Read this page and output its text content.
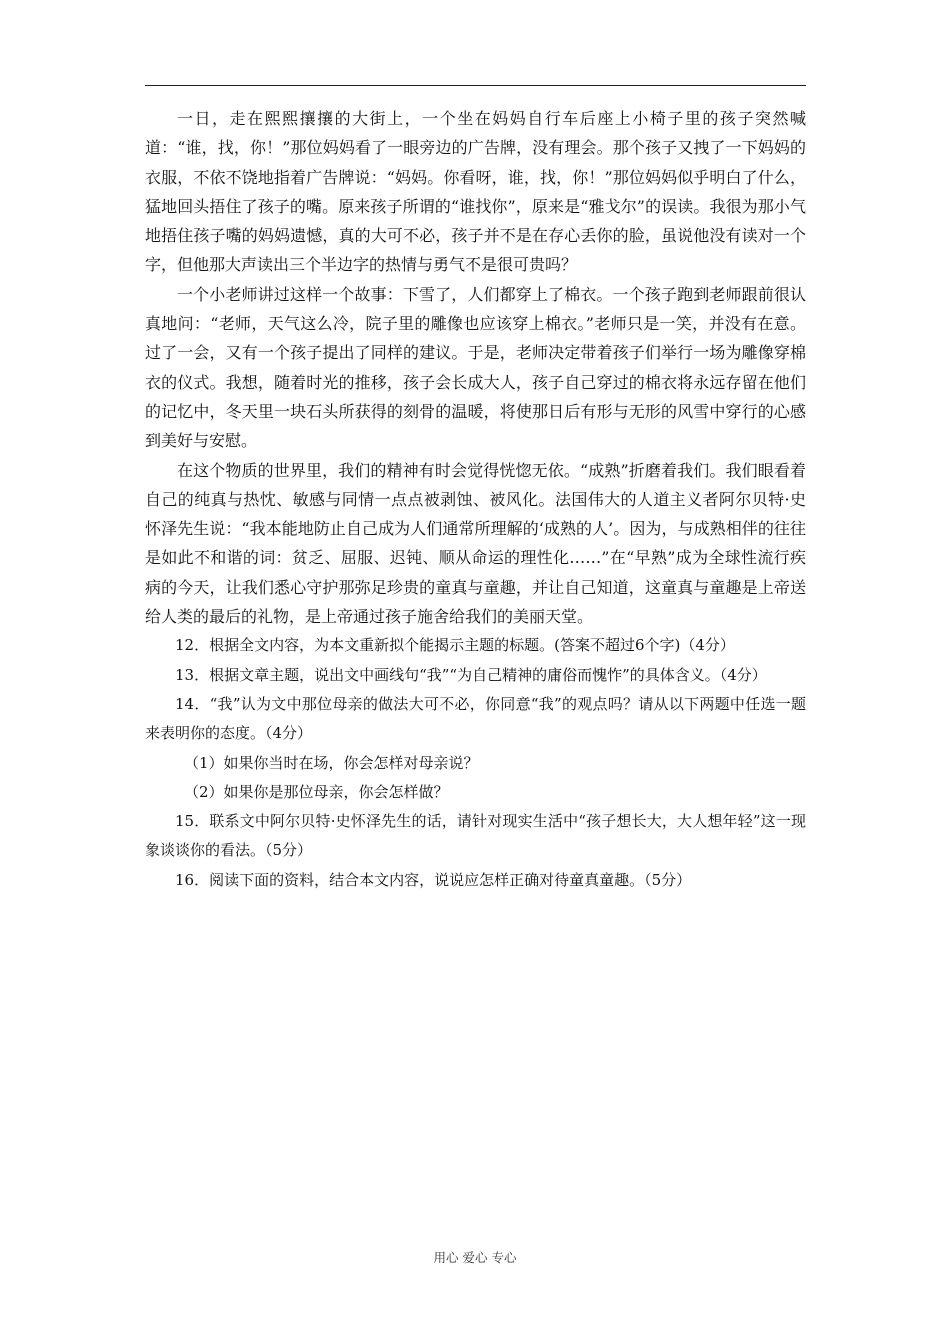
一日，走在熙熙攘攘的大街上，一个坐在妈妈自行车后座上小椅子里的孩子突然喊道：“谁，找，你！”那位妈妈看了一眼旁边的广告牌，没有理会。那个孩子又拽了一下妈妈的衣服，不依不饶地指着广告牌说：“妈妈。你看呀，谁，找，你！”那位妈妈似乎明白了什么，猛地回头捂住了孩子的嘴。原来孩子所谓的“谁找你”，原来是“雅戈尔”的误读。我很为那小气地捂住孩子嘴的妈妈遗憾，真的大可不必，孩子并不是在存心丢你的脸，虽说他没有读对一个字，但他那大声读出三个半边字的热情与勇气不是很可贵吗？

一个小老师讲过这样一个故事：下雪了，人们都穿上了棉衣。一个孩子跑到老师跟前很认真地问：“老师，天气这么冷，院子里的雕像也应该穿上棉衣。”老师只是一笑，并没有在意。过了一会，又有一个孩子提出了同样的建议。于是，老师决定带着孩子们举行一场为雕像穿棉衣的仪式。我想，随着时光的推移，孩子会长成大人，孩子自己穿过的棉衣将永远存留在他们的记忆中，冬天里一块石头所获得的刻骨的温暖，将使那日后有形与无形的风雪中穿行的心感到美好与安慰。

在这个物质的世界里，我们的精神有时会觉得恍惚无依。“成熟”折磨着我们。我们眼看着自己的纯真与热忱、敏感与同情一点点被剥蚀、被风化。法国伟大的人道主义者阿尔贝特·史怀泽先生说：“我本能地防止自己成为人们通常所理解的‘成熟的人’。因为，与成熟相伴的往往是如此不和谐的词：贫乏、屈服、迟钝、顺从命运的理性化……”在“早熟”成为全球性流行疾病的今天，让我们悉心守护那弥足珍贵的童真与童趣，并让自己知道，这童真与童趣是上帝送给人类的最后的礼物，是上帝通过孩子施舍给我们的美丽天堂。

12．根据全文内容，为本文重新拟个能揭示主题的标题。(答案不超过6个字)（4分）

13．根据文章主题，说出文中画线句“我”“为自己精神的庸俗而愧怍”的具体含义。（4分）

14．“我”认为文中那位母亲的做法大可不必，你同意“我”的观点吗？请从以下两题中任选一题来表明你的态度。（4分）

（1）如果你当时在场，你会怎样对母亲说？

（2）如果你是那位母亲，你会怎样做？

15．联系文中阿尔贝特·史怀泽先生的话，请针对现实生活中“孩子想长大，大人想年轻”这一现象谈谈你的看法。（5分）

16．阅读下面的资料，结合本文内容，说说应怎样正确对待童真童趣。（5分）

用心 爱心 专心
